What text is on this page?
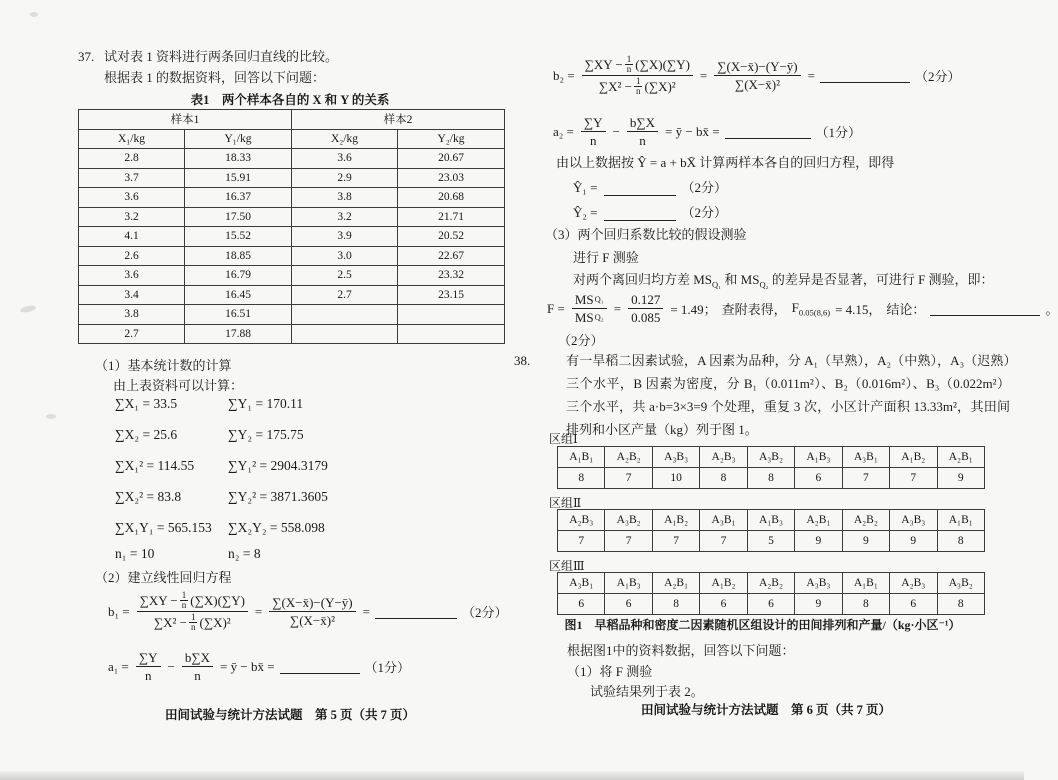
37. 试对表 1 资料进行两条回归直线的比较。
根据表 1 的数据资料，回答以下问题：
表1　两个样本各自的 X 和 Y 的关系
样本1		样本2	
X₁/kg	Y₁/kg	X₂/kg	Y₂/kg
2.8	18.33	3.6	20.67
3.7	15.91	2.9	23.03
3.6	16.37	3.8	20.68
3.2	17.50	3.2	21.71
4.1	15.52	3.9	20.52
2.6	18.85	3.0	22.67
3.6	16.79	2.5	23.32
3.4	16.45	2.7	23.15
3.8	16.51		
2.7	17.88		
（1）基本统计数的计算
由上表资料可以计算：
∑X₁ = 33.5	∑Y₁ = 170.11
∑X₂ = 25.6	∑Y₂ = 175.75
∑X₁² = 114.55	∑Y₁² = 2904.3179
∑X₂² = 83.8	∑Y₂² = 3871.3605
∑X₁Y₁ = 565.153	∑X₂Y₂ = 558.098
n₁ = 10	n₂ = 8
（2）建立线性回归方程
$b_1 = \frac{\sum XY - \frac{1}{n} (\sum X)(\sum Y)}{\sum X^2 - \frac{1}{n} (\sum X)^2} = \frac{\sum(X-x̄)-(Y-ȳ)}{\text{∑(X−x̄)²}}$ =	（2分）
$a_1 = \frac{\sum Y}{n} - \frac{b\sum X}{n}$ = ȳ − bx̄ =	（1分）
田间试验与统计方法试题　第 5 页（共 7 页）
$b_2 = \frac{\sum XY - \frac{1}{n} (\sum X)(\sum Y)}{\sum X^2 - \frac{1}{n} (\sum X)^2} = \frac{\sum(X-x̄)-(Y-ȳ)}{\text{∑(X−x̄)²}}$ =	（2分）
$a_2 = \frac{\sum Y}{n} - \frac{b\sum X}{n}$ = ȳ − bx̄ =	（1分）
由以上数据按 Ŷ = a + bX̄ 计算两样本各自的回归方程，即得
Ŷ₁ =	（2分）
Ŷ₂ =	（2分）
（3）两个回归系数比较的假设测验
进行 F 测验
对两个离回归均方差 $MS_{Q_1}$ 和 $MS_{Q_2}$ 的差异是否显著，可进行 F 测验，即：
$F = \frac{\text{MS Q₁}}{\text{MS Q₂}} = \frac{0.127}{0.085} = 1.49$； 查附表得， $F_{0.05(8,6)} = 4.15$， 结论：	。
（2分）
38.	有一旱稻二因素试验，A 因素为品种，分 A₁（早熟），A₂（中熟），A₃（迟熟）三个水平，B 因素为密度，分 B₁（0.011m²）、B₂（0.016m²）、B₃（0.022m²）三个水平，共 a·b=3×3=9 个处理，重复 3 次，小区计产面积 13.33m²，其田间排列和小区产量（kg）列于图 1。
区组Ⅰ
A₁B₁	A₂B₂	A₃B₃	A₂B₃	A₃B₂	A₁B₃	A₃B₁	A₁B₂	A₂B₁
8	7	10	8	8	6	7	7	9
区组Ⅱ
A₂B₃	A₃B₂	A₁B₂	A₃B₁	A₁B₃	A₂B₁	A₂B₂	A₃B₃	A₁B₁
7	7	7	7	5	9	9	9	8
区组Ⅲ
A₃B₁	A₁B₃	A₂B₁	A₁B₂	A₂B₂	A₃B₃	A₁B₁	A₂B₃	A₃B₂
6	6	8	6	6	9	8	6	8
图1　早稻品种和密度二因素随机区组设计的田间排列和产量/（kg·小区⁻¹）
根据图1中的资料数据，回答以下问题：
（1）将 F 测验
试验结果列于表 2。
田间试验与统计方法试题　第 6 页（共 7 页）
